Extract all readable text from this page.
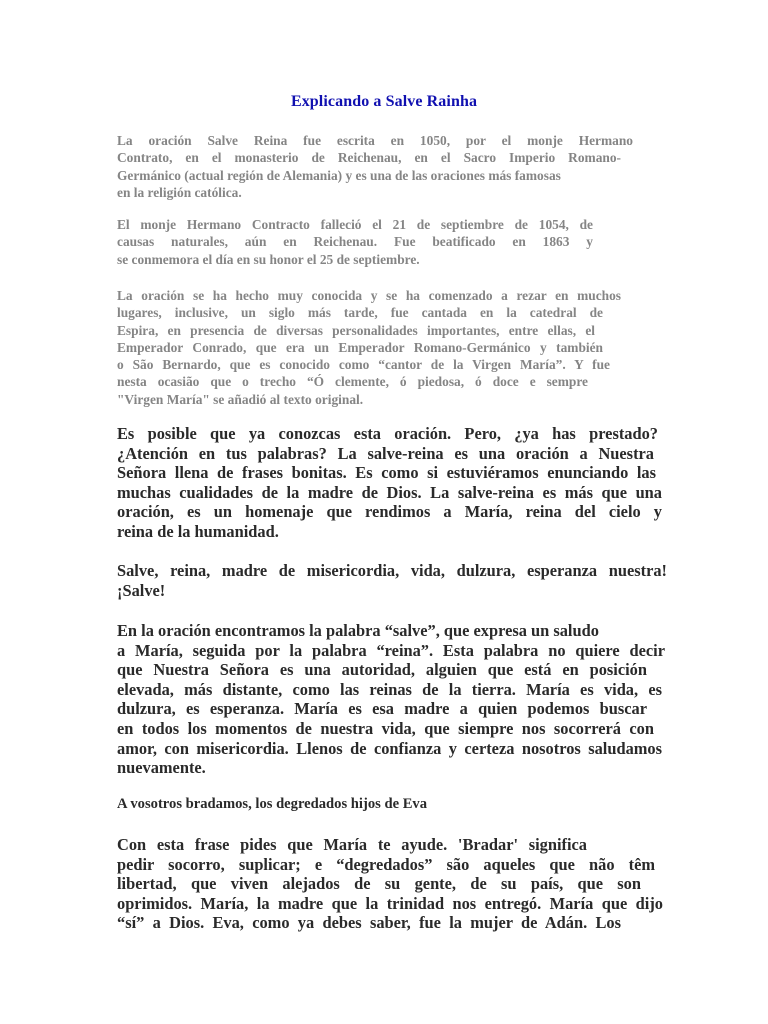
Explicando a Salve Rainha
La oración Salve Reina fue escrita en 1050, por el monje Hermano
Contrato, en el monasterio de Reichenau, en el Sacro Imperio Romano-
Germánico (actual región de Alemania) y es una de las oraciones más famosas
en la religión católica.
El monje Hermano Contracto falleció el 21 de septiembre de 1054, de
causas naturales, aún en Reichenau. Fue beatificado en 1863 y
se conmemora el día en su honor el 25 de septiembre.
La oración se ha hecho muy conocida y se ha comenzado a rezar en muchos
lugares, inclusive, un siglo más tarde, fue cantada en la catedral de
Espira, en presencia de diversas personalidades importantes, entre ellas, el
Emperador Conrado, que era un Emperador Romano-Germánico y también
o São Bernardo, que es conocido como “cantor de la Virgen María”. Y fue
nesta ocasião que o trecho “Ó clemente, ó piedosa, ó doce e sempre
"Virgen María" se añadió al texto original.
Es posible que ya conozcas esta oración. Pero, ¿ya has prestado?
¿Atención en tus palabras? La salve-reina es una oración a Nuestra
Señora llena de frases bonitas. Es como si estuviéramos enunciando las
muchas cualidades de la madre de Dios. La salve-reina es más que una
oración, es un homenaje que rendimos a María, reina del cielo y
reina de la humanidad.
Salve, reina, madre de misericordia, vida, dulzura, esperanza nuestra!
¡Salve!
En la oración encontramos la palabra “salve”, que expresa un saludo
a María, seguida por la palabra “reina”. Esta palabra no quiere decir
que Nuestra Señora es una autoridad, alguien que está en posición
elevada, más distante, como las reinas de la tierra. María es vida, es
dulzura, es esperanza. María es esa madre a quien podemos buscar
en todos los momentos de nuestra vida, que siempre nos socorrerá con
amor, con misericordia. Llenos de confianza y certeza nosotros saludamos
nuevamente.
A vosotros bradamos, los degredados hijos de Eva
Con esta frase pides que María te ayude. 'Bradar' significa
pedir socorro, suplicar; e “degredados” são aqueles que não têm
libertad, que viven alejados de su gente, de su país, que son
oprimidos. María, la madre que la trinidad nos entregó. María que dijo
“sí” a Dios. Eva, como ya debes saber, fue la mujer de Adán. Los
